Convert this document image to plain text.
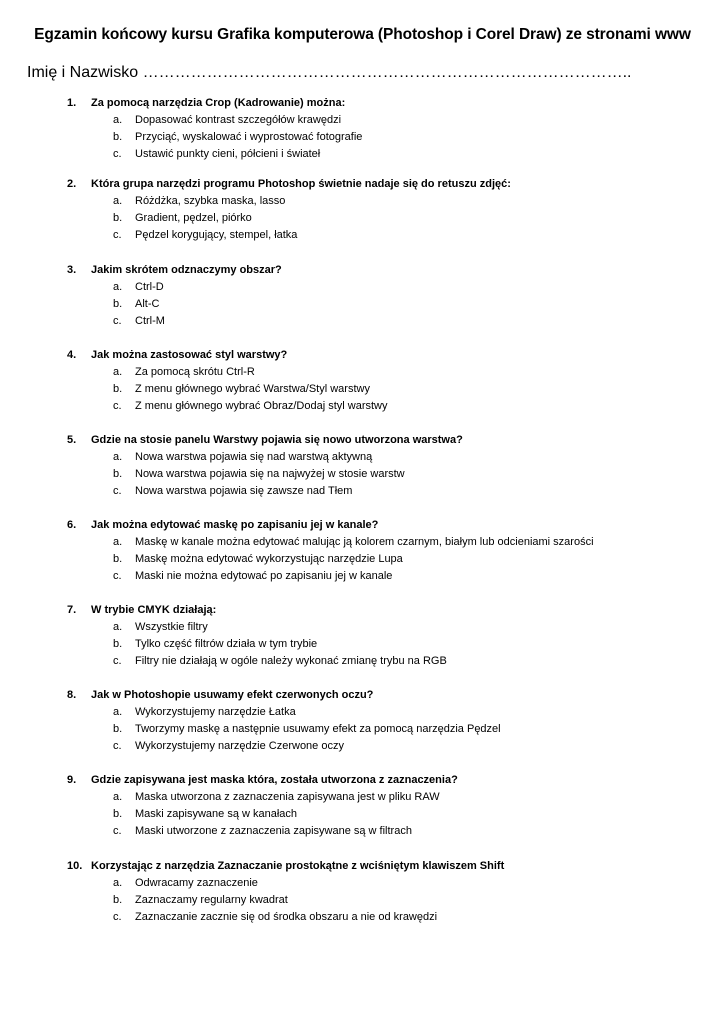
Egzamin końcowy kursu Grafika komputerowa (Photoshop i Corel Draw) ze stronami www
Imię i Nazwisko ………………………………………………………………………………..
1. Za pomocą narzędzia Crop (Kadrowanie) można:
a. Dopasować kontrast szczegółów krawędzi
b. Przyciąć, wyskalować i wyprostować fotografie
c. Ustawić punkty cieni, półcieni i świateł
2. Która grupa narzędzi programu Photoshop świetnie nadaje się do retuszu zdjęć:
a. Różdżka, szybka maska, lasso
b. Gradient, pędzel, piórko
c. Pędzel korygujący, stempel, łatka
3. Jakim skrótem odznaczymy obszar?
a. Ctrl-D
b. Alt-C
c. Ctrl-M
4. Jak można zastosować styl warstwy?
a. Za pomocą skrótu Ctrl-R
b. Z menu głównego wybrać Warstwa/Styl warstwy
c. Z menu głównego wybrać Obraz/Dodaj styl warstwy
5. Gdzie na stosie panelu Warstwy pojawia się nowo utworzona warstwa?
a. Nowa warstwa pojawia się nad warstwą aktywną
b. Nowa warstwa pojawia się na najwyżej w stosie warstw
c. Nowa warstwa pojawia się zawsze nad Tłem
6. Jak można edytować maskę po zapisaniu jej w kanale?
a. Maskę w kanale można edytować malując ją kolorem czarnym, białym lub odcieniami szarości
b. Maskę można edytować wykorzystując narzędzie Lupa
c. Maski nie można edytować po zapisaniu jej w kanale
7. W trybie CMYK działają:
a. Wszystkie filtry
b. Tylko część filtrów działa w tym trybie
c. Filtry nie działają w ogóle należy wykonać zmianę trybu na RGB
8. Jak w Photoshopie usuwamy efekt czerwonych oczu?
a. Wykorzystujemy narzędzie Łatka
b. Tworzymy maskę a następnie usuwamy efekt za pomocą narzędzia Pędzel
c. Wykorzystujemy narzędzie Czerwone oczy
9. Gdzie zapisywana jest maska która, została utworzona z zaznaczenia?
a. Maska utworzona z zaznaczenia zapisywana jest w pliku RAW
b. Maski zapisywane są w kanałach
c. Maski utworzone z zaznaczenia zapisywane są w filtrach
10. Korzystając z narzędzia Zaznaczanie prostokątne z wciśniętym klawiszem Shift
a. Odwracamy zaznaczenie
b. Zaznaczamy regularny kwadrat
c. Zaznaczanie zacznie się od środka obszaru a nie od krawędzi
